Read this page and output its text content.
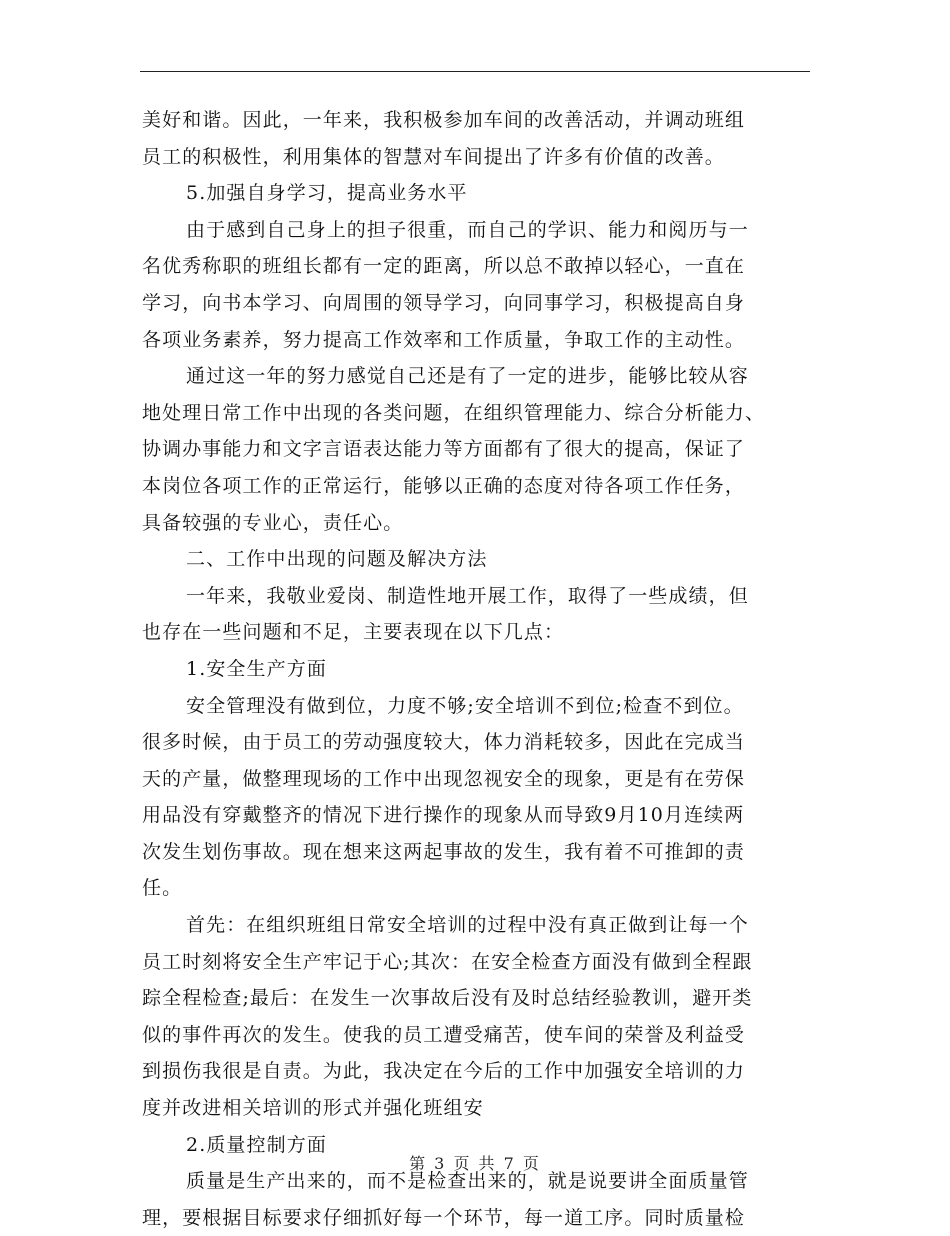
美好和谐。因此，一年来，我积极参加车间的改善活动，并调动班组
员工的积极性，利用集体的智慧对车间提出了许多有价值的改善。
5.加强自身学习，提高业务水平
由于感到自己身上的担子很重，而自己的学识、能力和阅历与一
名优秀称职的班组长都有一定的距离，所以总不敢掉以轻心，一直在
学习，向书本学习、向周围的领导学习，向同事学习，积极提高自身
各项业务素养，努力提高工作效率和工作质量，争取工作的主动性。
通过这一年的努力感觉自己还是有了一定的进步，能够比较从容
地处理日常工作中出现的各类问题，在组织管理能力、综合分析能力、
协调办事能力和文字言语表达能力等方面都有了很大的提高，保证了
本岗位各项工作的正常运行，能够以正确的态度对待各项工作任务，
具备较强的专业心，责任心。
二、工作中出现的问题及解决方法
一年来，我敬业爱岗、制造性地开展工作，取得了一些成绩，但
也存在一些问题和不足，主要表现在以下几点：
1.安全生产方面
安全管理没有做到位，力度不够;安全培训不到位;检查不到位。
很多时候，由于员工的劳动强度较大，体力消耗较多，因此在完成当
天的产量，做整理现场的工作中出现忽视安全的现象，更是有在劳保
用品没有穿戴整齐的情况下进行操作的现象从而导致9月10月连续两
次发生划伤事故。现在想来这两起事故的发生，我有着不可推卸的责
任。
首先：在组织班组日常安全培训的过程中没有真正做到让每一个
员工时刻将安全生产牢记于心;其次：在安全检查方面没有做到全程跟
踪全程检查;最后：在发生一次事故后没有及时总结经验教训，避开类
似的事件再次的发生。使我的员工遭受痛苦，使车间的荣誉及利益受
到损伤我很是自责。为此，我决定在今后的工作中加强安全培训的力
度并改进相关培训的形式并强化班组安
2.质量控制方面
质量是生产出来的，而不是检查出来的，就是说要讲全面质量管
理，要根据目标要求仔细抓好每一个环节，每一道工序。同时质量检
第 3 页 共 7 页
